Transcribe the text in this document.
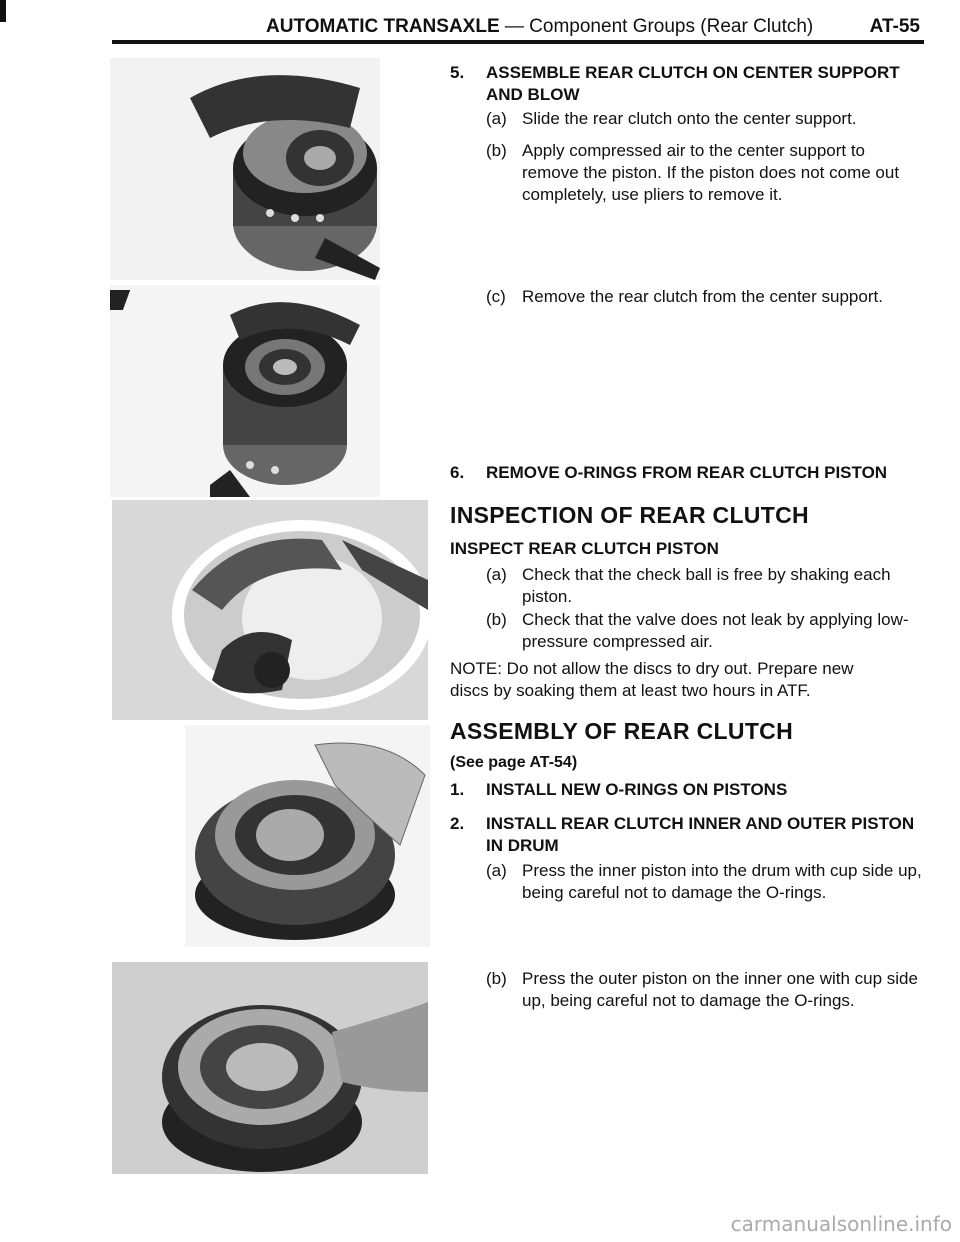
AUTOMATIC TRANSAXLE — Component Groups (Rear Clutch)	AT-55
5.	ASSEMBLE REAR CLUTCH ON CENTER SUPPORT
AND BLOW
(a) Slide the rear clutch onto the center support.
(b) Apply compressed air to the center support to
remove the piston. If the piston does not come out
completely, use pliers to remove it.
(c) Remove the rear clutch from the center support.
6.	REMOVE O-RINGS FROM REAR CLUTCH PISTON
INSPECTION OF REAR CLUTCH
INSPECT REAR CLUTCH PISTON
(a) Check that the check ball is free by shaking each
piston.
(b) Check that the valve does not leak by applying low-
pressure compressed air.
NOTE: Do not allow the discs to dry out. Prepare new
discs by soaking them at least two hours in ATF.
ASSEMBLY OF REAR CLUTCH
(See page AT-54)
1.	INSTALL NEW O-RINGS ON PISTONS
2.	INSTALL REAR CLUTCH INNER AND OUTER PISTON
IN DRUM
(a) Press the inner piston into the drum with cup side up,
being careful not to damage the O-rings.
(b) Press the outer piston on the inner one with cup side
up, being careful not to damage the O-rings.
carmanualsonline.info
